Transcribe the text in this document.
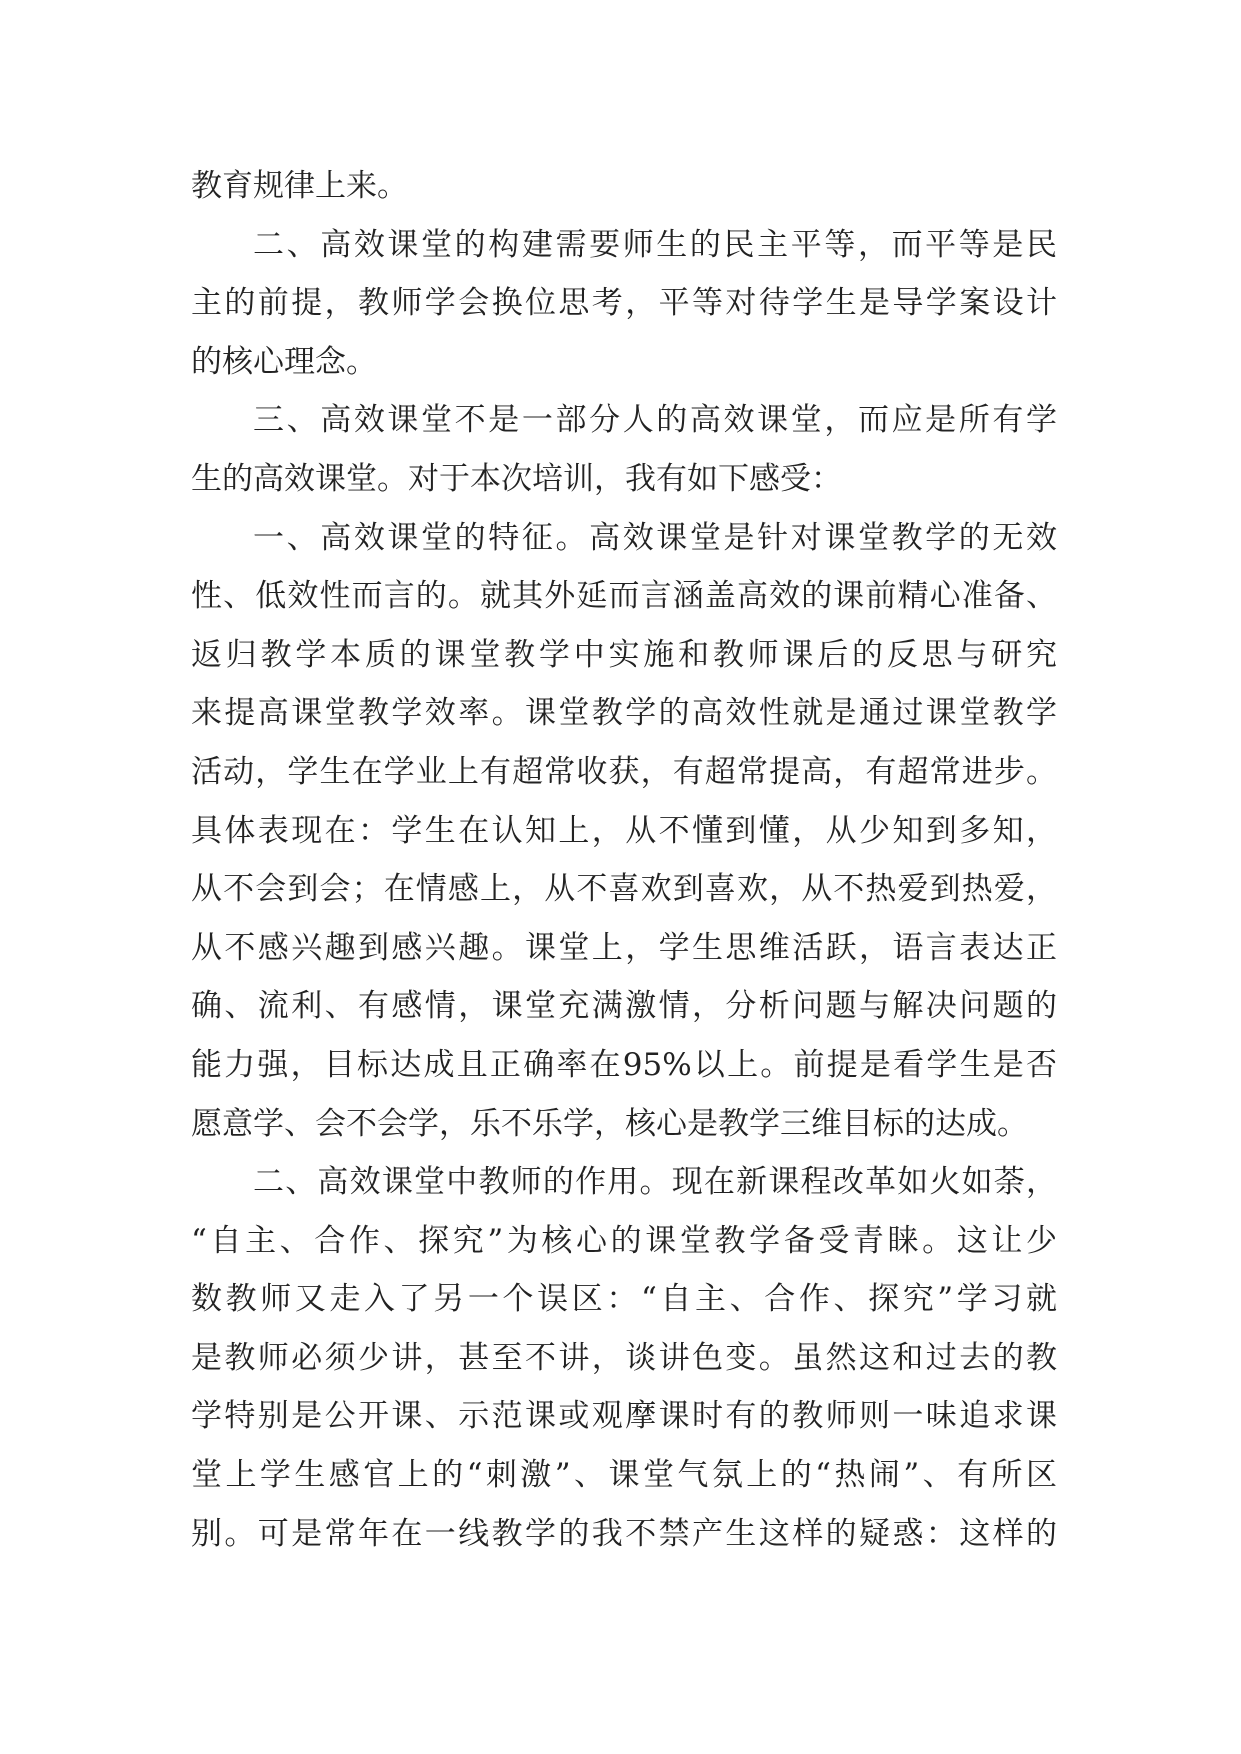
教育规律上来。
二、高效课堂的构建需要师生的民主平等，而平等是民
主的前提，教师学会换位思考，平等对待学生是导学案设计
的核心理念。
三、高效课堂不是一部分人的高效课堂，而应是所有学
生的高效课堂。对于本次培训，我有如下感受：
一、高效课堂的特征。高效课堂是针对课堂教学的无效
性、低效性而言的。就其外延而言涵盖高效的课前精心准备、
返归教学本质的课堂教学中实施和教师课后的反思与研究
来提高课堂教学效率。课堂教学的高效性就是通过课堂教学
活动，学生在学业上有超常收获，有超常提高，有超常进步。
具体表现在：学生在认知上，从不懂到懂，从少知到多知，
从不会到会；在情感上，从不喜欢到喜欢，从不热爱到热爱，
从不感兴趣到感兴趣。课堂上，学生思维活跃，语言表达正
确、流利、有感情，课堂充满激情，分析问题与解决问题的
能力强，目标达成且正确率在95%以上。前提是看学生是否
愿意学、会不会学，乐不乐学，核心是教学三维目标的达成。
二、高效课堂中教师的作用。现在新课程改革如火如荼，
“自主、合作、探究”为核心的课堂教学备受青睐。这让少
数教师又走入了另一个误区：“自主、合作、探究”学习就
是教师必须少讲，甚至不讲，谈讲色变。虽然这和过去的教
学特别是公开课、示范课或观摩课时有的教师则一味追求课
堂上学生感官上的“刺激”、课堂气氛上的“热闹”、有所区
别。可是常年在一线教学的我不禁产生这样的疑惑：这样的
